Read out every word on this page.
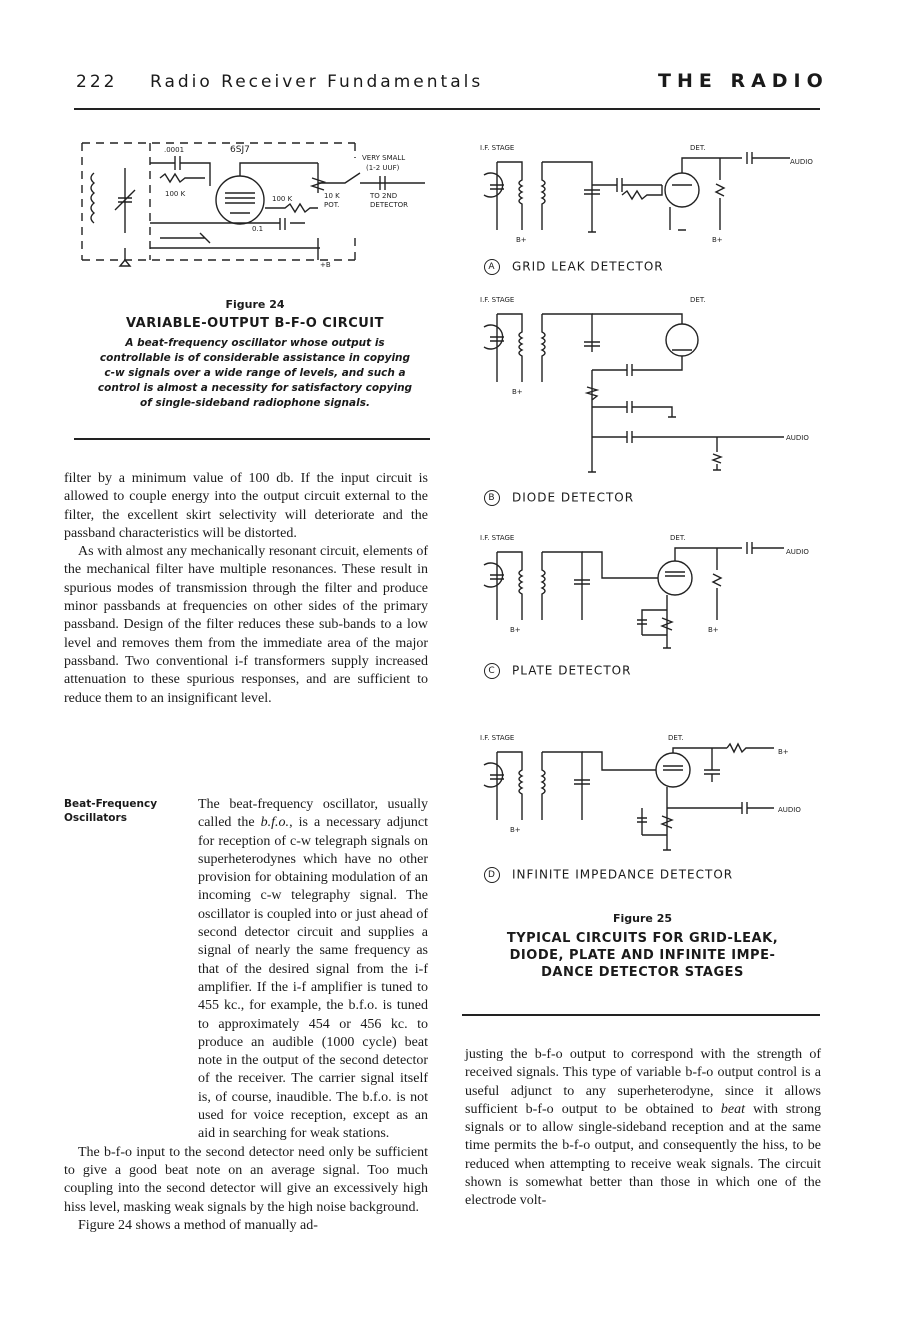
222 Radio Receiver Fundamentals	THE RADIO
.0001	6SJ7
VERY SMALL
(1-2 UUF)
100 K
100 K	10 K
POT.
TO 2ND
DETECTOR
0.1
+B
Figure 24
VARIABLE-OUTPUT B-F-O CIRCUIT
A beat-frequency oscillator whose output is controllable is of considerable assistance in copying c-w signals over a wide range of levels, and such a control is almost a necessity for satisfactory copying of single-sideband radiophone signals.

filter by a minimum value of 100 db. If the input circuit is allowed to couple energy into the output circuit external to the filter, the excellent skirt selectivity will deteriorate and the passband characteristics will be distorted.

As with almost any mechanically resonant circuit, elements of the mechanical filter have multiple resonances. These result in spurious modes of transmission through the filter and produce minor passbands at frequencies on other sides of the primary passband. Design of the filter reduces these sub-bands to a low level and removes them from the immediate area of the major passband. Two conventional i-f transformers supply increased attenuation to these spurious responses, and are sufficient to reduce them to an insignificant level.

Beat-Frequency
Oscillators

The beat-frequency oscillator, usually called the b.f.o., is a necessary adjunct for reception of c-w telegraph signals on superheterodynes which have no other provision for obtaining modulation of an incoming c-w telegraphy signal. The oscillator is coupled into or just ahead of second detector circuit and supplies a signal of nearly the same frequency as that of the desired signal from the i-f amplifier. If the i-f amplifier is tuned to 455 kc., for example, the b.f.o. is tuned to approximately 454 or 456 kc. to produce an audible (1000 cycle) beat note in the output of the second detector of the receiver. The carrier signal itself is, of course, inaudible. The b.f.o. is not used for voice reception, except as an aid in searching for weak stations.

The b-f-o input to the second detector need only be sufficient to give a good beat note on an average signal. Too much coupling into the second detector will give an excessively high hiss level, masking weak signals by the high noise background.

Figure 24 shows a method of manually ad-

I.F. STAGE	DET.
AUDIO
B+	B+
A GRID LEAK DETECTOR
I.F. STAGE	DET.
AUDIO
B+
B DIODE DETECTOR
I.F. STAGE	DET.
AUDIO
B+	B+
C PLATE DETECTOR
I.F. STAGE	DET.
AUDIO
B+
B+
D INFINITE IMPEDANCE DETECTOR
Figure 25
TYPICAL CIRCUITS FOR GRID-LEAK,
DIODE, PLATE AND INFINITE IMPE-
DANCE DETECTOR STAGES

justing the b-f-o output to correspond with the strength of received signals. This type of variable b-f-o output control is a useful adjunct to any superheterodyne, since it allows sufficient b-f-o output to be obtained to beat with strong signals or to allow single-sideband reception and at the same time permits the b-f-o output, and consequently the hiss, to be reduced when attempting to receive weak signals. The circuit shown is somewhat better than those in which one of the electrode volt-
